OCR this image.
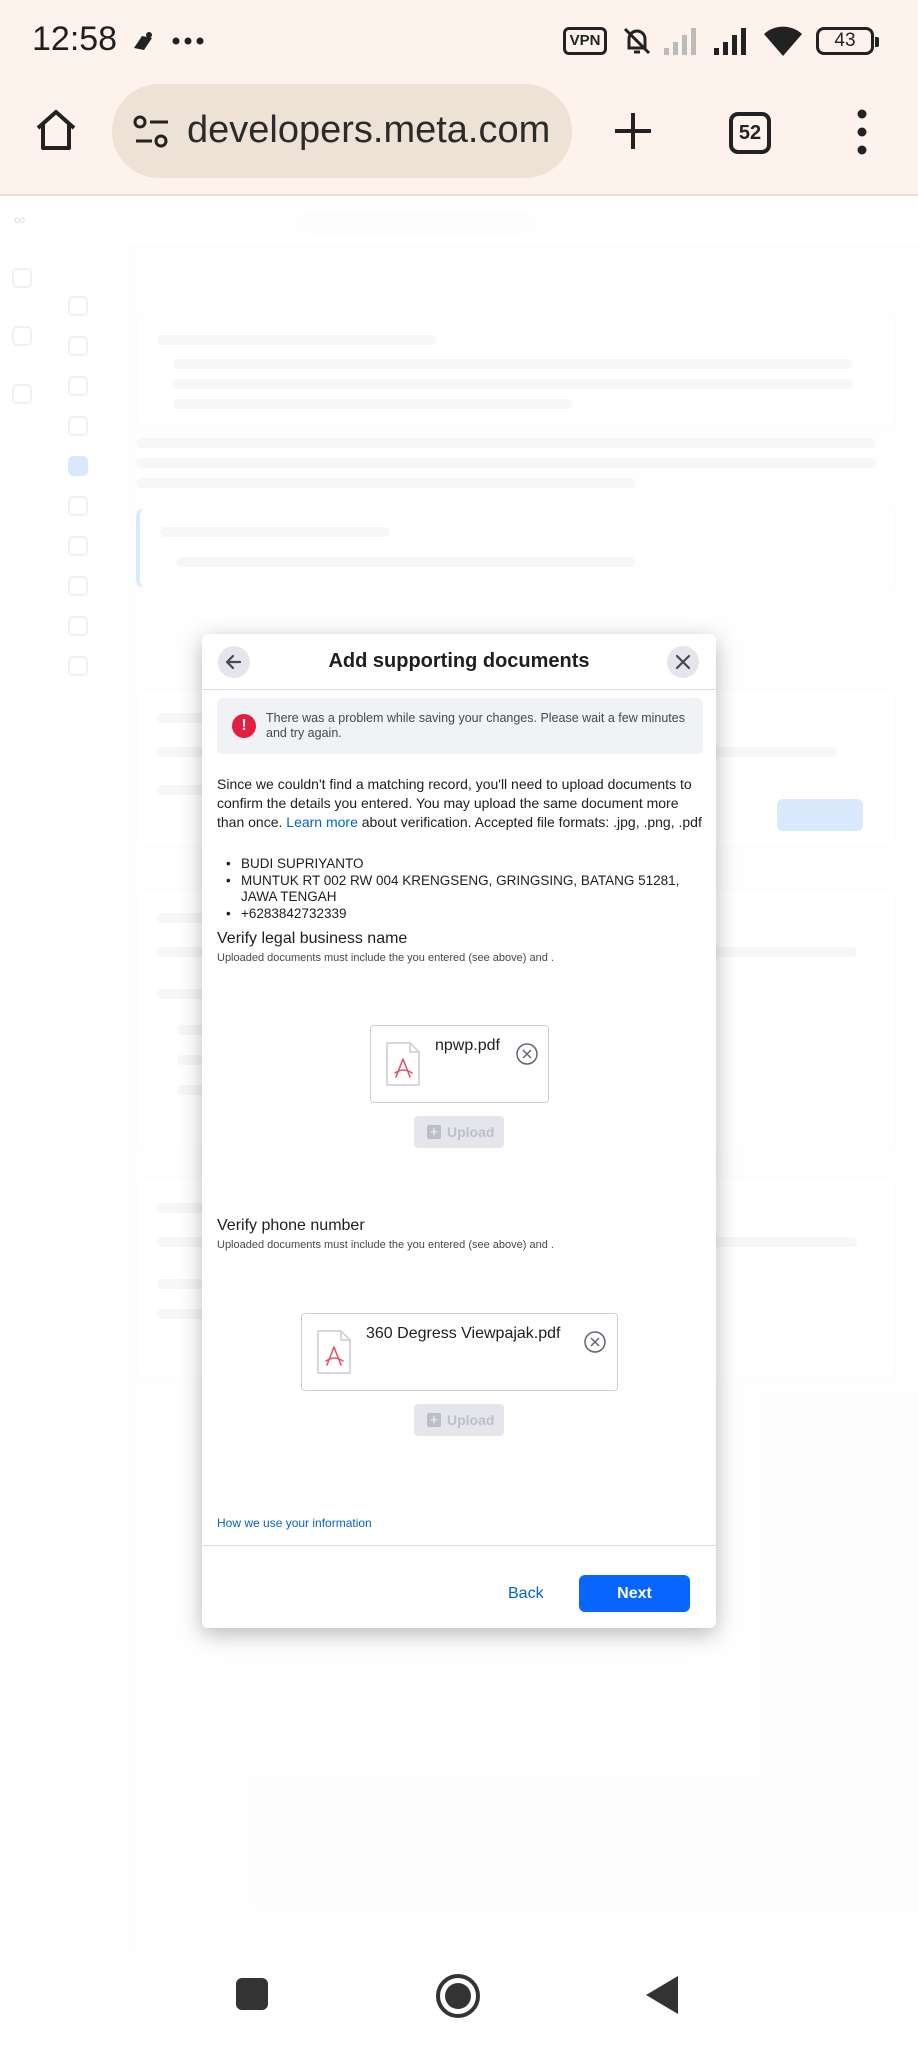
12:58	VPN	43
developers.meta.com	52
Add supporting documents
!	There was a problem while saving your changes. Please wait a few minutes and try again.

Since we couldn't find a matching record, you'll need to upload documents to confirm the details you entered. You may upload the same document more than once. Learn more about verification. Accepted file formats: .jpg, .png, .pdf

• BUDI SUPRIYANTO
• MUNTUK RT 002 RW 004 KRENGSENG, GRINGSING, BATANG 51281, JAWA TENGAH
• +6283842732339
Verify legal business name
Uploaded documents must include the you entered (see above) and .
npwp.pdf
+ Upload
Verify phone number
Uploaded documents must include the you entered (see above) and .
360 Degress Viewpajak.pdf
+ Upload
How we use your information
Back	Next
